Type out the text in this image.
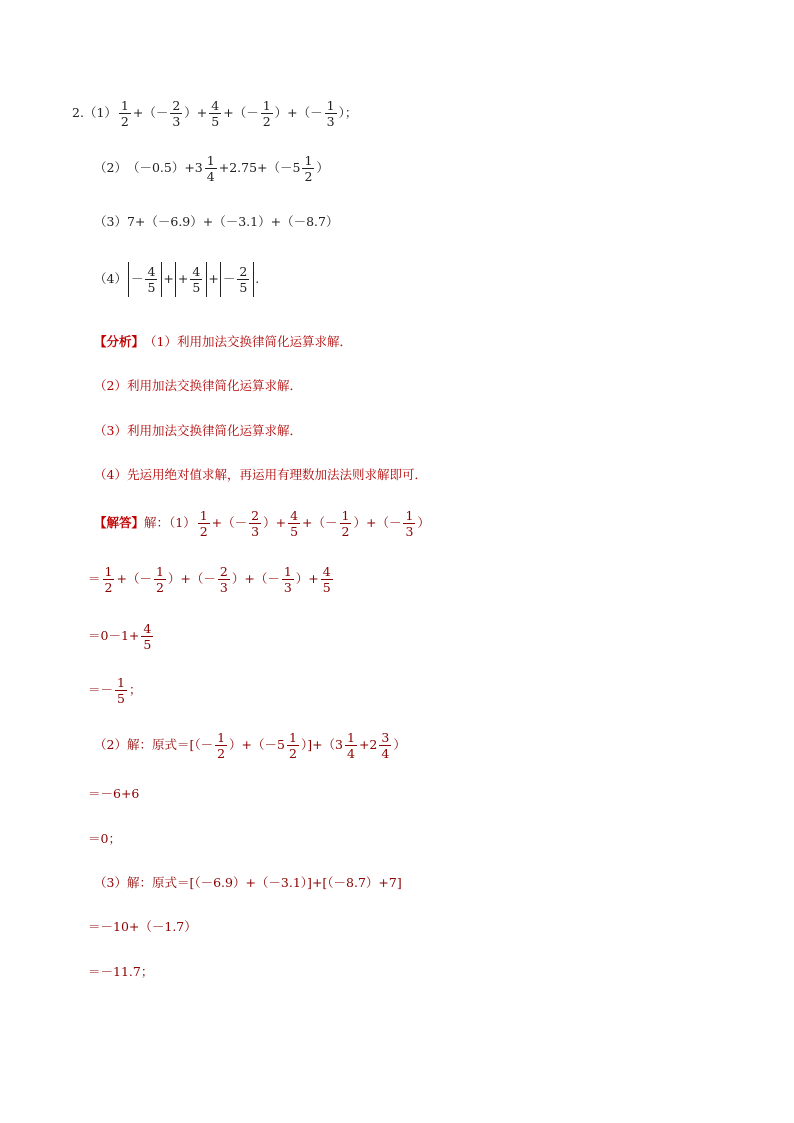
2. $(1) \frac{1}{2}$ +（－ $\frac{2}{3}$ ）+ $\frac{4}{5}$ +（－ $\frac{1}{2}$ ）+（－ $\frac{1}{3}$ ）；
（2） $(-0.5)+3 \frac{1}{4} +2.75+(-5 \frac{1}{2}$ ）
（3） 7+（－6.9）+（－3.1）+（－8.7）
$(4) - \frac{4}{5}$ + + $\frac{4}{5}$ + － $\frac{2}{5}$ .
【分析】 （1）利用加法交换律简化运算求解．
（2）利用加法交换律简化运算求解．
（3）利用加法交换律简化运算求解．
（4）先运用绝对值求解，再运用有理数加法法则求解即可．
【解答】 解：$(1) \frac{1}{2}$ +（－ $\frac{2}{3}$ ）+ $\frac{4}{5}$ +（－ $\frac{1}{2}$ ）+（－ $\frac{1}{3}$ ）
＝ $\frac{1}{2}$ +（－ $\frac{1}{2}$ ）+（－ $\frac{2}{3}$ ）+（－ $\frac{1}{3}$ ）+ $\frac{4}{5}$
$=0-1+ \frac{4}{5}$
＝－ $\frac{1}{5}$ ；
（2）解：原式＝[（－ $\frac{1}{2} )+(-5 \frac{1}{2} )]+(3 \frac{1}{4} +2 \frac{3}{4}$ ）
＝－6+6
＝0；
（3）解：原式＝[（－6.9）+（－3.1）]+[（－8.7）+7]
＝－10+（－1.7）
＝－11.7；
